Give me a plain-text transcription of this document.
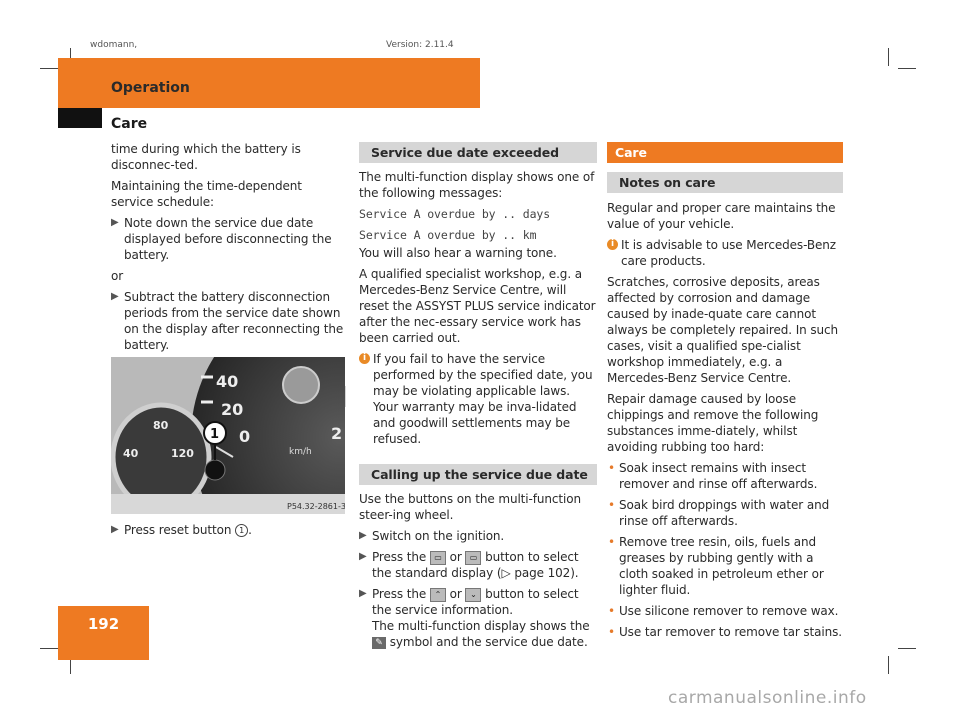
wdomann,	Version: 2.11.4
Operation
Care
192

time during which the battery is disconnec-ted.

Maintaining the time-dependent service schedule:

▶ Note down the service due date displayed before disconnecting the battery.

or

▶ Subtract the battery disconnection periods from the service date shown on the display after reconnecting the battery.
80
40	120
40
20
0	2
km/h
1
P54.32-2861-31
▶ Press reset button 1 .
Service due date exceeded

The multi-function display shows one of the following messages:

Service A overdue by .. days

Service A overdue by .. km

You will also hear a warning tone.

A qualified specialist workshop, e.g. a Mercedes-Benz Service Centre, will reset the ASSYST PLUS service indicator after the nec-essary service work has been carried out.

i If you fail to have the service performed by the specified date, you may be violating applicable laws. Your warranty may be inva-lidated and goodwill settlements may be refused.
Calling up the service due date

Use the buttons on the multi-function steer-ing wheel.

▶ Switch on the ignition.
▶ Press the ▭ or ▭ button to select the standard display (▷ page 102).
▶ Press the ⌃ or ⌄ button to select the service information.
The multi-function display shows the
✎ symbol and the service due date.
Care
Notes on care

Regular and proper care maintains the value of your vehicle.

i It is advisable to use Mercedes-Benz care products.

Scratches, corrosive deposits, areas affected by corrosion and damage caused by inade-quate care cannot always be completely repaired. In such cases, visit a qualified spe-cialist workshop immediately, e.g. a Mercedes-Benz Service Centre.

Repair damage caused by loose chippings and remove the following substances imme-diately, whilst avoiding rubbing too hard:

• Soak insect remains with insect remover and rinse off afterwards.
• Soak bird droppings with water and rinse off afterwards.
• Remove tree resin, oils, fuels and greases by rubbing gently with a cloth soaked in petroleum ether or lighter fluid.
• Use silicone remover to remove wax.
• Use tar remover to remove tar stains.
carmanualsonline.info
